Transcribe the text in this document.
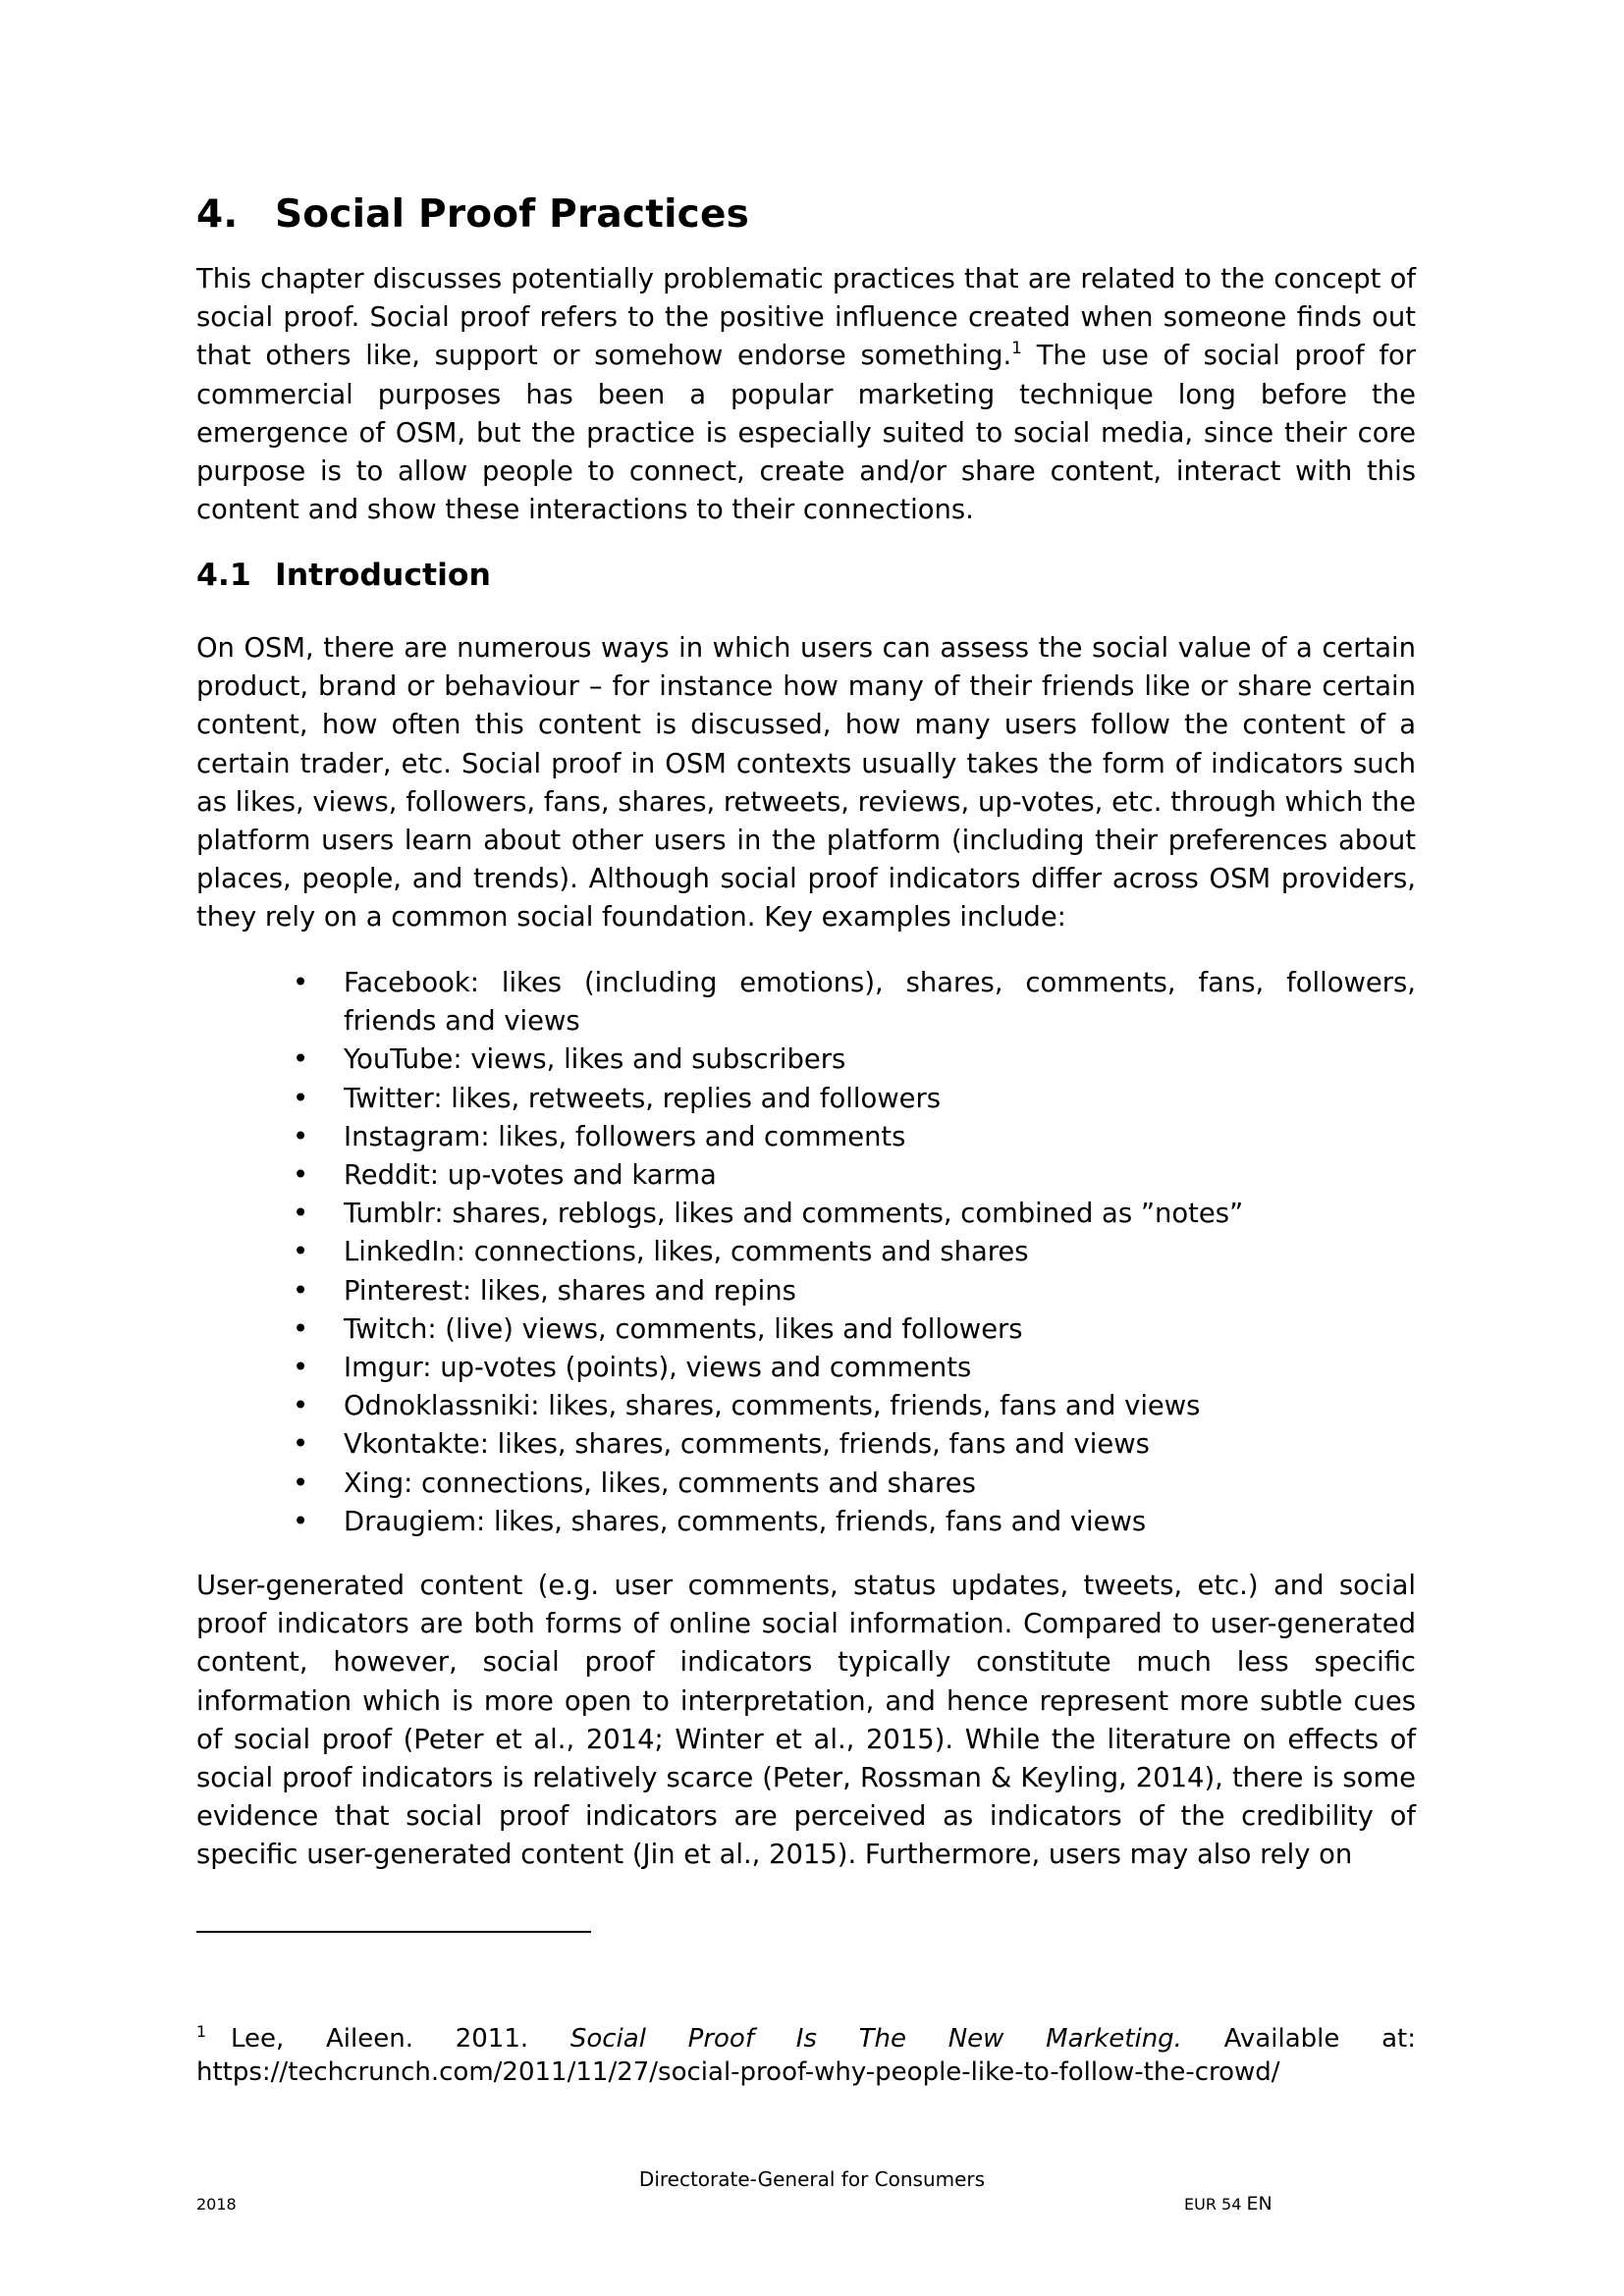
4. Social Proof Practices

This chapter discusses potentially problematic practices that are related to the concept of social proof. Social proof refers to the positive influence created when someone finds out that others like, support or somehow endorse something.$^1$ The use of social proof for commercial purposes has been a popular marketing technique long before the emergence of OSM, but the practice is especially suited to social media, since their core purpose is to allow people to connect, create and/or share content, interact with this content and show these interactions to their connections.

4.1 Introduction

On OSM, there are numerous ways in which users can assess the social value of a certain product, brand or behaviour – for instance how many of their friends like or share certain content, how often this content is discussed, how many users follow the content of a certain trader, etc. Social proof in OSM contexts usually takes the form of indicators such as likes, views, followers, fans, shares, retweets, reviews, up-votes, etc. through which the platform users learn about other users in the platform (including their preferences about places, people, and trends). Although social proof indicators differ across OSM providers, they rely on a common social foundation. Key examples include:

• Facebook: likes (including emotions), shares, comments, fans, followers, friends and views
• YouTube: views, likes and subscribers
• Twitter: likes, retweets, replies and followers
• Instagram: likes, followers and comments
• Reddit: up-votes and karma
• Tumblr: shares, reblogs, likes and comments, combined as ”notes”
• LinkedIn: connections, likes, comments and shares
• Pinterest: likes, shares and repins
• Twitch: (live) views, comments, likes and followers
• Imgur: up-votes (points), views and comments
• Odnoklassniki: likes, shares, comments, friends, fans and views
• Vkontakte: likes, shares, comments, friends, fans and views
• Xing: connections, likes, comments and shares
• Draugiem: likes, shares, comments, friends, fans and views

User-generated content (e.g. user comments, status updates, tweets, etc.) and social proof indicators are both forms of online social information. Compared to user-generated content, however, social proof indicators typically constitute much less specific information which is more open to interpretation, and hence represent more subtle cues of social proof (Peter et al., 2014; Winter et al., 2015). While the literature on effects of social proof indicators is relatively scarce (Peter, Rossman & Keyling, 2014), there is some evidence that social proof indicators are perceived as indicators of the credibility of specific user-generated content (Jin et al., 2015). Furthermore, users may also rely on

$^1$ Lee, Aileen. 2011. Social Proof Is The New Marketing. Available at:
https://techcrunch.com/2011/11/27/social-proof-why-people-like-to-follow-the-crowd/
Directorate-General for Consumers
2018	EUR 54 EN
